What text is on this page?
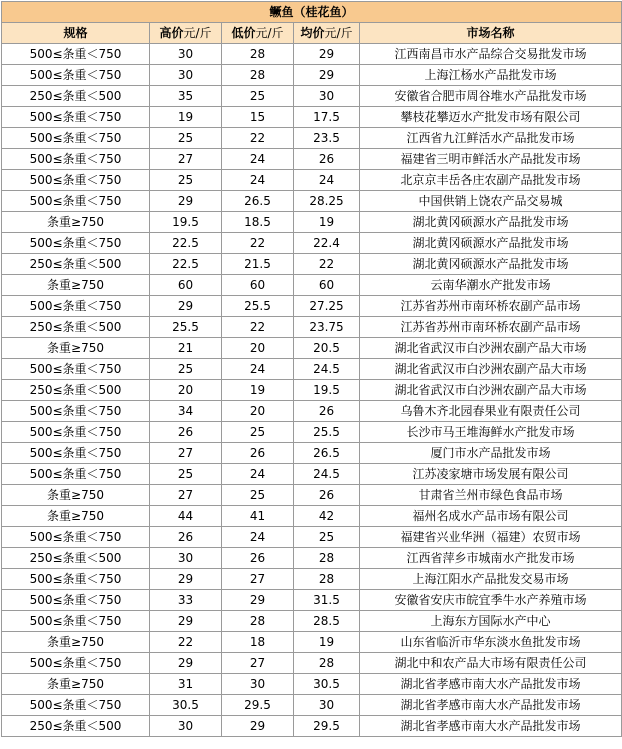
鳜鱼（桂花鱼）				
规格	高价元/斤	低价元/斤	均价元/斤	市场名称
500≤条重＜750	30	28	29	江西南昌市水产品综合交易批发市场
500≤条重＜750	30	28	29	上海江杨水产品批发市场
250≤条重＜500	35	25	30	安徽省合肥市周谷堆水产品批发市场
500≤条重＜750	19	15	17.5	攀枝花攀迈水产批发市场有限公司
500≤条重＜750	25	22	23.5	江西省九江鲜活水产品批发市场
500≤条重＜750	27	24	26	福建省三明市鲜活水产品批发市场
500≤条重＜750	25	24	24	北京京丰岳各庄农副产品批发市场
500≤条重＜750	29	26.5	28.25	中国供销上饶农产品交易城
条重≥750	19.5	18.5	19	湖北黄冈硕源水产品批发市场
500≤条重＜750	22.5	22	22.4	湖北黄冈硕源水产品批发市场
250≤条重＜500	22.5	21.5	22	湖北黄冈硕源水产品批发市场
条重≥750	60	60	60	云南华潮水产批发市场
500≤条重＜750	29	25.5	27.25	江苏省苏州市南环桥农副产品市场
250≤条重＜500	25.5	22	23.75	江苏省苏州市南环桥农副产品市场
条重≥750	21	20	20.5	湖北省武汉市白沙洲农副产品大市场
500≤条重＜750	25	24	24.5	湖北省武汉市白沙洲农副产品大市场
250≤条重＜500	20	19	19.5	湖北省武汉市白沙洲农副产品大市场
500≤条重＜750	34	20	26	乌鲁木齐北园春果业有限责任公司
500≤条重＜750	26	25	25.5	长沙市马王堆海鲜水产批发市场
500≤条重＜750	27	26	26.5	厦门市水产品批发市场
500≤条重＜750	25	24	24.5	江苏凌家塘市场发展有限公司
条重≥750	27	25	26	甘肃省兰州市绿色食品市场
条重≥750	44	41	42	福州名成水产品市场有限公司
500≤条重＜750	26	24	25	福建省兴业华洲（福建）农贸市场
250≤条重＜500	30	26	28	江西省萍乡市城南水产批发市场
500≤条重＜750	29	27	28	上海江阳水产品批发交易市场
500≤条重＜750	33	29	31.5	安徽省安庆市皖宜季牛水产养殖市场
500≤条重＜750	29	28	28.5	上海东方国际水产中心
条重≥750	22	18	19	山东省临沂市华东淡水鱼批发市场
500≤条重＜750	29	27	28	湖北中和农产品大市场有限责任公司
条重≥750	31	30	30.5	湖北省孝感市南大水产品批发市场
500≤条重＜750	30.5	29.5	30	湖北省孝感市南大水产品批发市场
250≤条重＜500	30	29	29.5	湖北省孝感市南大水产品批发市场
